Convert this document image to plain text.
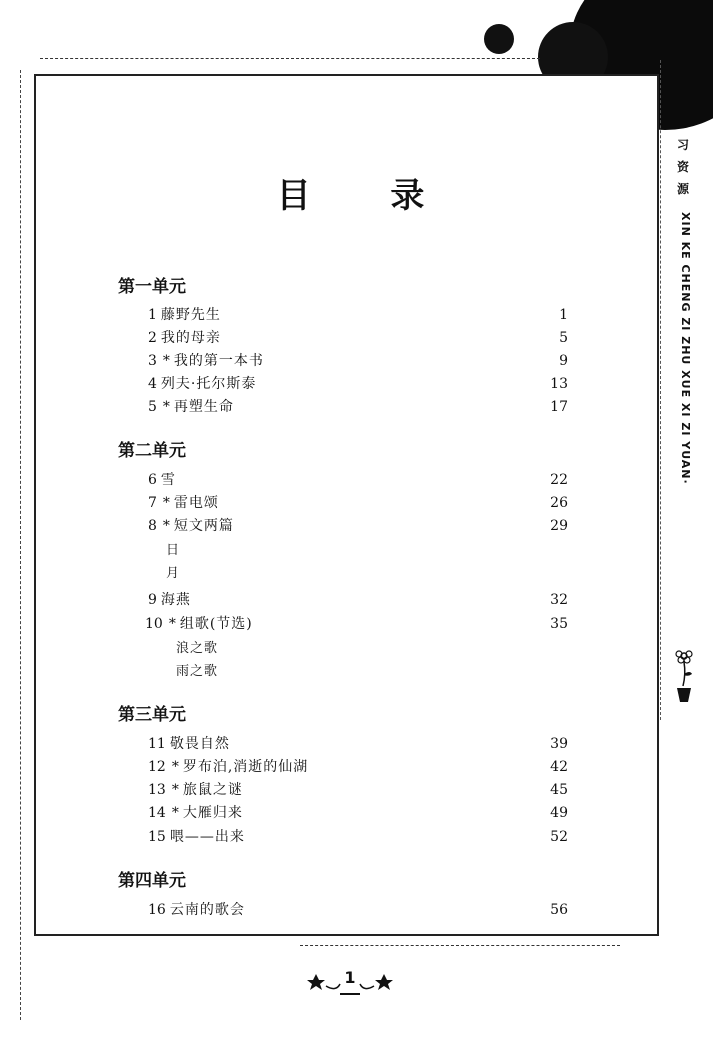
目 录
第一单元
1 藤野先生	1
2 我的母亲	5
3 * 我的第一本书	9
4 列夫·托尔斯泰	13
5 * 再塑生命	17
第二单元
6 雪	22
7 * 雷电颂	26
8 * 短文两篇	29
日
月
9 海燕	32
10 * 组歌(节选)	35
浪之歌
雨之歌
第三单元
11 敬畏自然	39
12 * 罗布泊,消逝的仙湖	42
13 * 旅鼠之谜	45
14 * 大雁归来	49
15 喂——出来	52
第四单元
16 云南的歌会	56
习
资
源
XIN KE CHENG ZI ZHU XUE XI ZI YUAN·
1
